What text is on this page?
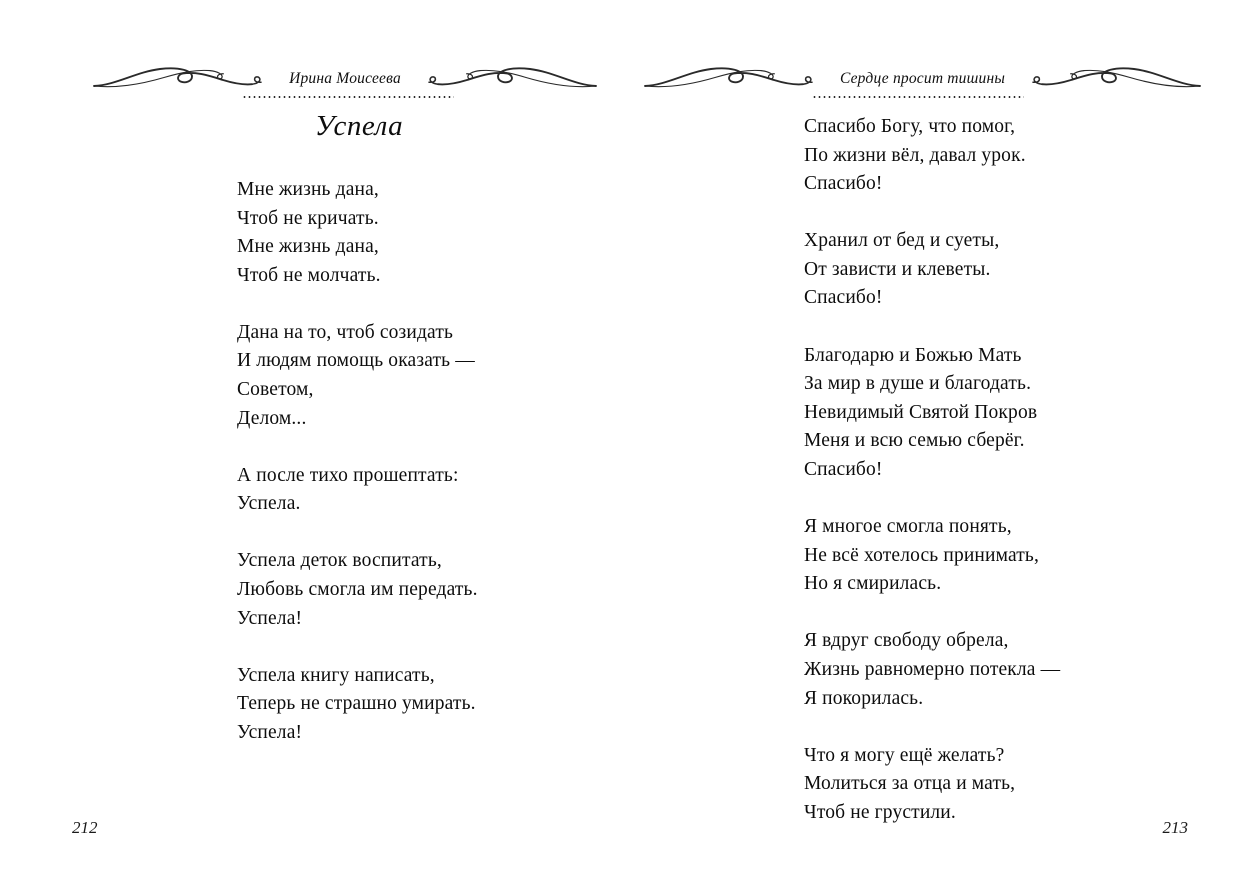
Ирина Моисеева
Успела
Мне жизнь дана,
Чтоб не кричать.
Мне жизнь дана,
Чтоб не молчать.
Дана на то, чтоб созидать
И людям помощь оказать —
Советом,
Делом...
А после тихо прошептать:
Успела.
Успела деток воспитать,
Любовь смогла им передать.
Успела!
Успела книгу написать,
Теперь не страшно умирать.
Успела!
212
Сердце просит тишины
Спасибо Богу, что помог,
По жизни вёл, давал урок.
Спасибо!
Хранил от бед и суеты,
От зависти и клеветы.
Спасибо!
Благодарю и Божью Мать
За мир в душе и благодать.
Невидимый Святой Покров
Меня и всю семью сберёг.
Спасибо!
Я многое смогла понять,
Не всё хотелось принимать,
Но я смирилась.
Я вдруг свободу обрела,
Жизнь равномерно потекла —
Я покорилась.
Что я могу ещё желать?
Молиться за отца и мать,
Чтоб не грустили.
213
